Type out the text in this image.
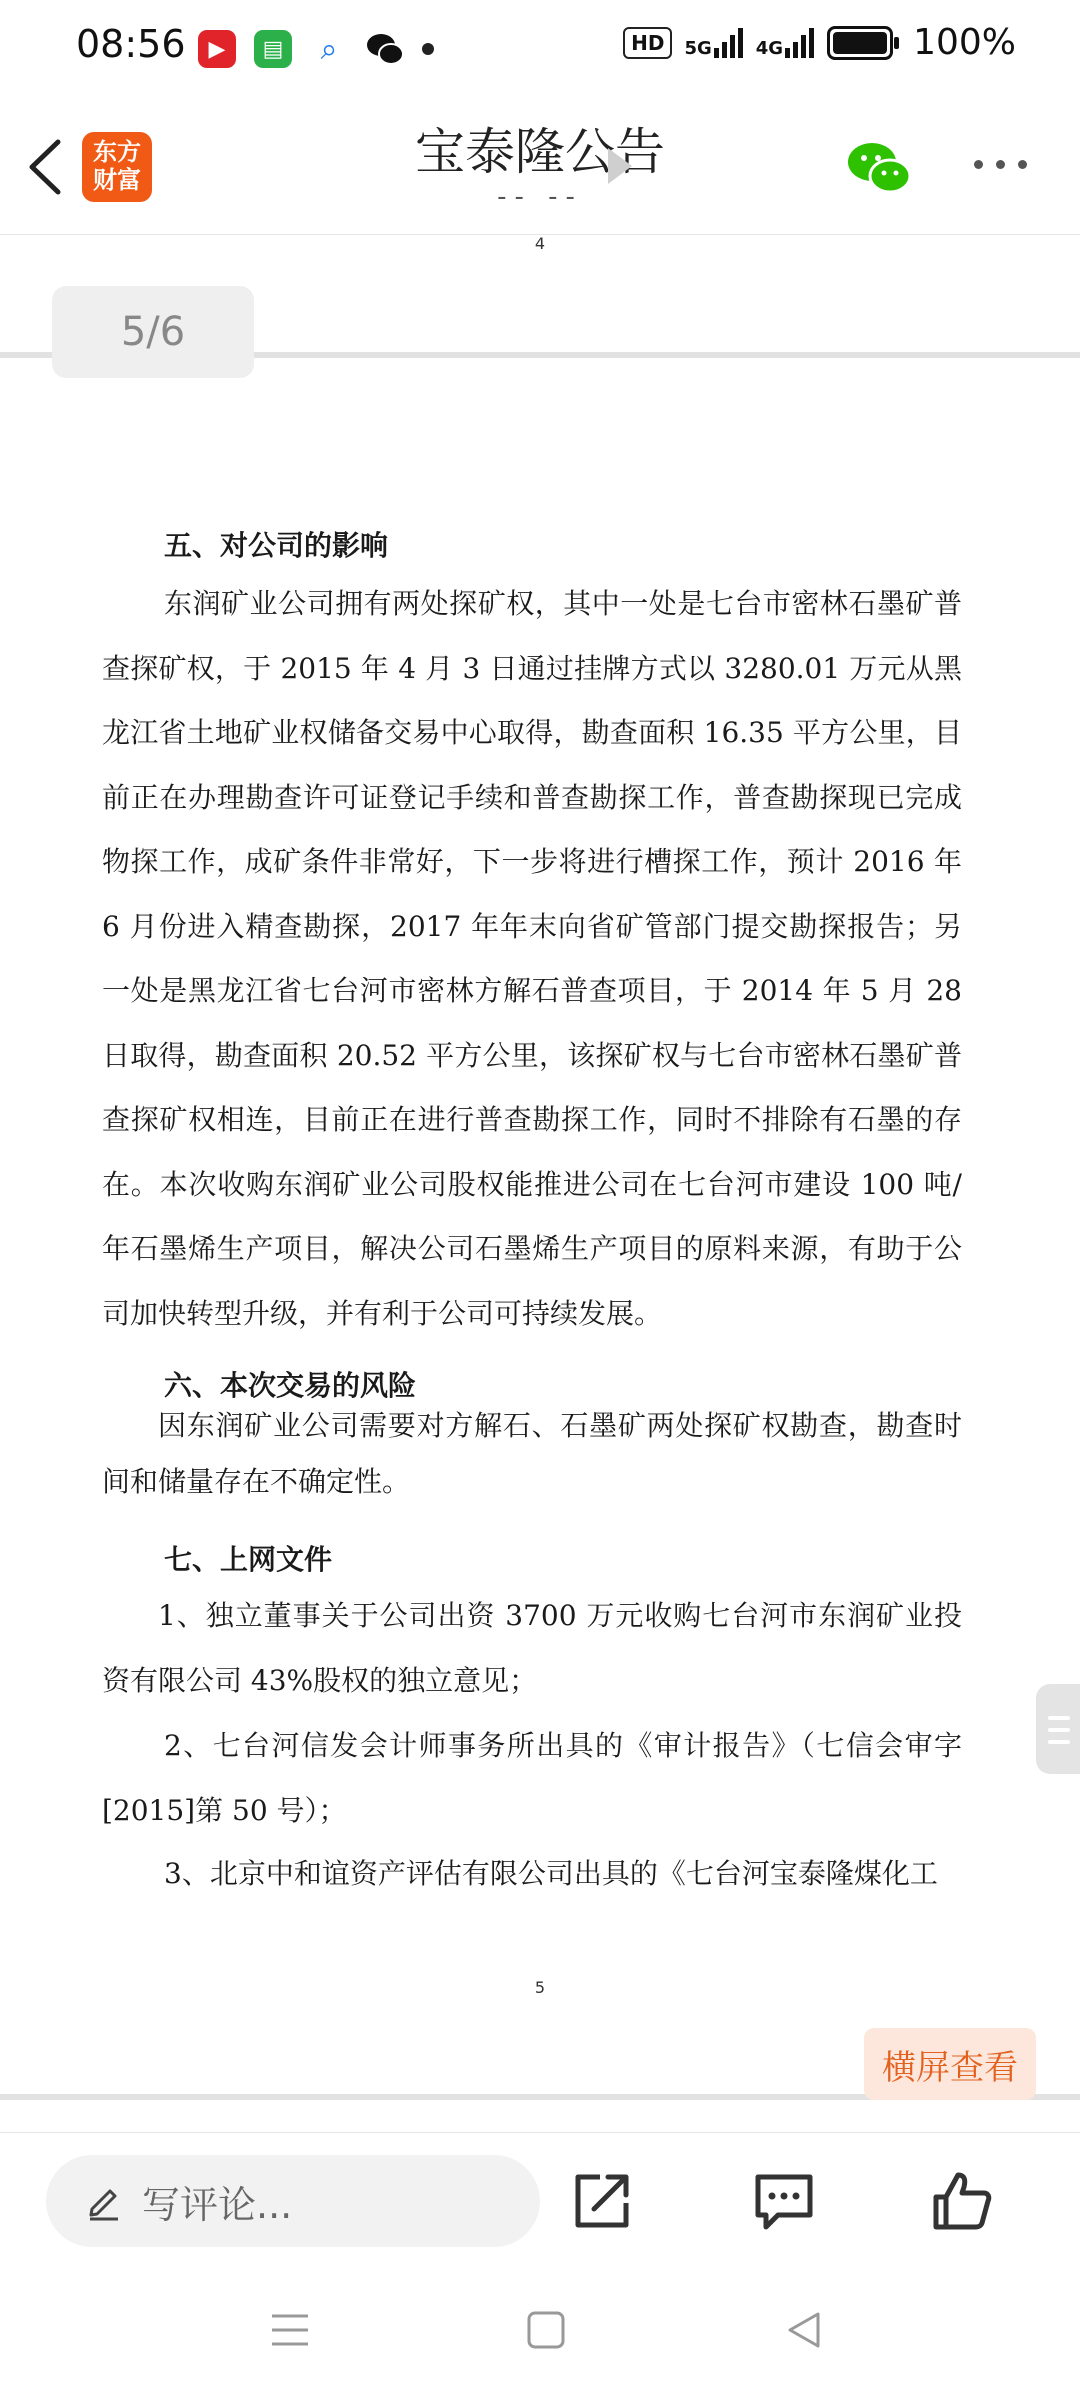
08:56	▶	▤	⌕	HD	5G 4G	100%
东方
财富	宝泰隆公告
-- --
4
5/6
五、对公司的影响
东润矿业公司拥有两处探矿权，其中一处是七台市密林石墨矿普查探矿权，于 2015 年 4 月 3 日通过挂牌方式以 3280.01 万元从黑龙江省土地矿业权储备交易中心取得，勘查面积 16.35 平方公里，目前正在办理勘查许可证登记手续和普查勘探工作，普查勘探现已完成物探工作，成矿条件非常好，下一步将进行槽探工作，预计 2016 年 6 月份进入精查勘探，2017 年年末向省矿管部门提交勘探报告；另一处是黑龙江省七台河市密林方解石普查项目，于 2014 年 5 月 28 日取得，勘查面积 20.52 平方公里，该探矿权与七台市密林石墨矿普查探矿权相连，目前正在进行普查勘探工作，同时不排除有石墨的存在。本次收购东润矿业公司股权能推进公司在七台河市建设 100 吨/年石墨烯生产项目，解决公司石墨烯生产项目的原料来源，有助于公司加快转型升级，并有利于公司可持续发展。
六、本次交易的风险
因东润矿业公司需要对方解石、石墨矿两处探矿权勘查，勘查时间和储量存在不确定性。
七、上网文件
1、独立董事关于公司出资 3700 万元收购七台河市东润矿业投资有限公司 43%股权的独立意见；
2、七台河信发会计师事务所出具的《审计报告》（七信会审字[2015]第 50 号）；
3、北京中和谊资产评估有限公司出具的《七台河宝泰隆煤化工
5
横屏查看
写评论...
